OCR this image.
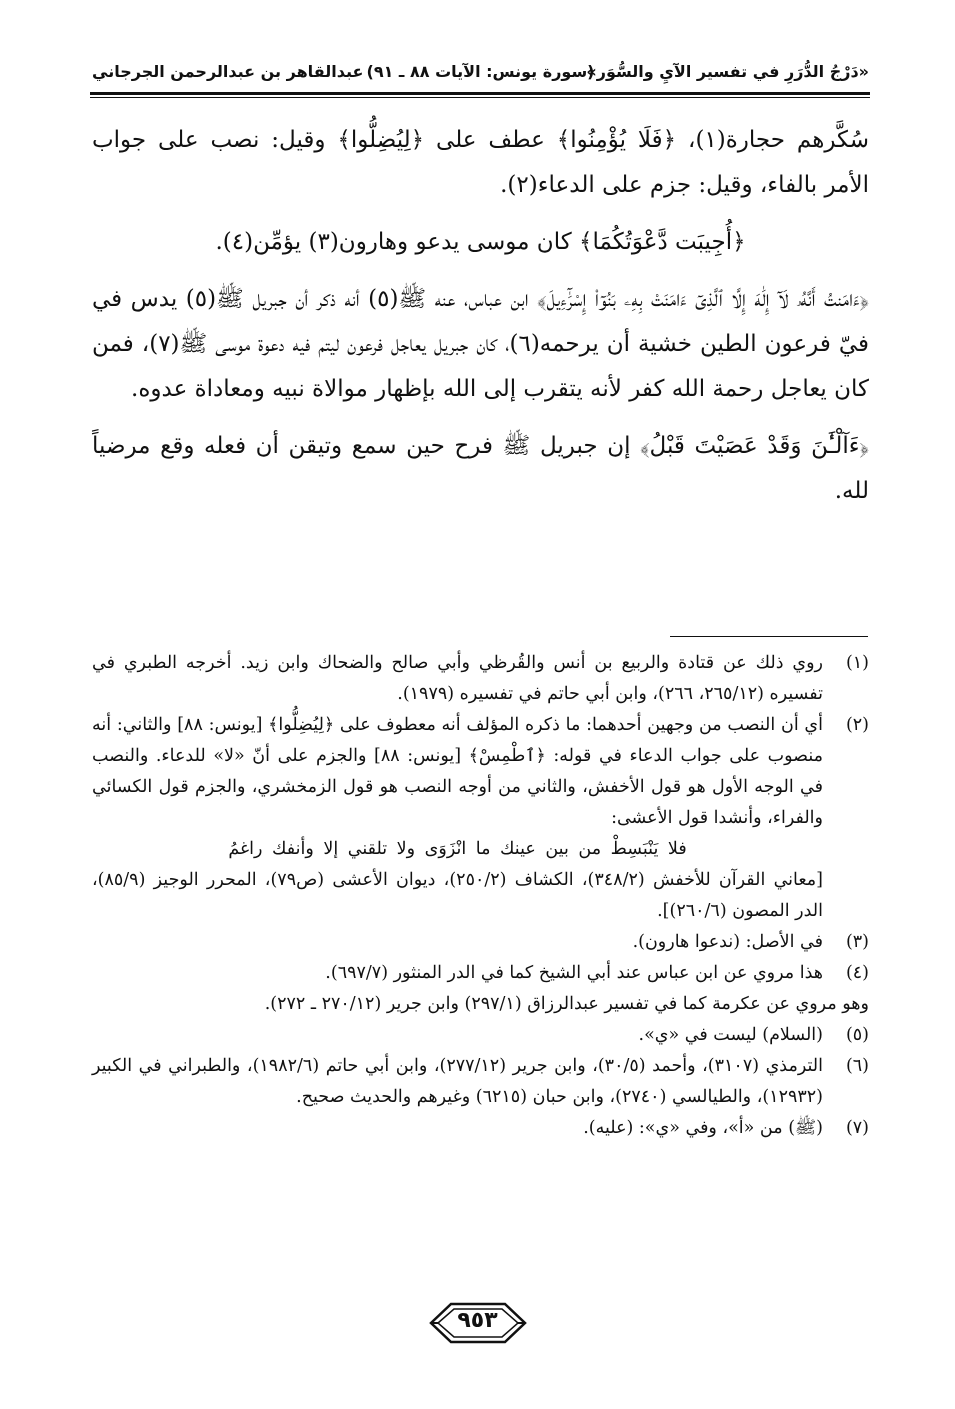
«دَرْجُ الدُّرَرِ في تفسير الآيِ والسُّوَر»
(سورة يونس: الآيات ٨٨ ـ ٩١)
عبدالقاهر بن عبدالرحمن الجرجاني

سُكَّرهم حجارة(١)، ﴿فَلَا يُؤْمِنُوا﴾ عطف على ﴿لِيُضِلُّوا﴾ وقيل: نصب على جواب الأمر بالفاء، وقيل: جزم على الدعاء(٢).

﴿أُجِيبَت دَّعْوَتُكُمَا﴾ كان موسى يدعو وهارون(٣) يؤمِّن(٤).

﴿ءَامَنتُ أَنَّهُۥ لَآ إِلَٰهَ إِلَّا ٱلَّذِىٓ ءَامَنَتْ بِهِۦ بَنُوٓاْ إِسْرَٰٓءِيلَ﴾ ابن عباس، عنه ﷺ(٥) أنه ذكر أن جبريل ﷺ(٥) يدس في فيّ فرعون الطين خشية أن يرحمه(٦)، كان جبريل يعاجل فرعون ليتم فيه دعوة موسى ﷺ(٧)، فمن كان يعاجل رحمة الله كفر لأنه يتقرب إلى الله بإظهار موالاة نبيه ومعاداة عدوه.

﴿ءَآلْـَٰٔنَ وَقَدْ عَصَيْتَ قَبْلُ﴾ إن جبريل ﷺ فرح حين سمع وتيقن أن فعله وقع مرضياً لله.

(١)
روي ذلك عن قتادة والربيع بن أنس والقُرظي وأبي صالح والضحاك وابن زيد. أخرجه الطبري في تفسيره (٢٦٥/١٢، ٢٦٦)، وابن أبي حاتم في تفسيره (١٩٧٩).
(٢)
أي أن النصب من وجهين أحدهما: ما ذكره المؤلف أنه معطوف على ﴿لِيُضِلُّوا﴾ [يونس: ٨٨] والثاني: أنه منصوب على جواب الدعاء في قوله: ﴿ٱطْمِسْ﴾ [يونس: ٨٨] والجزم على أنّ «لا» للدعاء. والنصب في الوجه الأول هو قول الأخفش، والثاني من أوجه النصب هو قول الزمخشري، والجزم قول الكسائي والفراء، وأنشدا قول الأعشى:
فلا يَنْبَسِطْ من بين عينك ما انْزَوَى ولا تلقني إلا وأنفك راغمُ
[معاني القرآن للأخفش (٣٤٨/٢)، الكشاف (٢٥٠/٢)، ديوان الأعشى (ص٧٩)، المحرر الوجيز (٨٥/٩)، الدر المصون (٢٦٠/٦)].
(٣)
في الأصل: (ندعوا هارون).
(٤)
هذا مروي عن ابن عباس عند أبي الشيخ كما في الدر المنثور (٦٩٧/٧).
وهو مروي عن عكرمة كما في تفسير عبدالرزاق (٢٩٧/١) وابن جرير (٢٧٠/١٢ ـ ٢٧٢).
(٥)
(السلام) ليست في «ي».
(٦)
الترمذي (٣١٠٧)، وأحمد (٣٠/٥)، وابن جرير (٢٧٧/١٢)، وابن أبي حاتم (١٩٨٢/٦)، والطبراني في الكبير (١٢٩٣٢)، والطيالسي (٢٧٤٠)، وابن حبان (٦٢١٥) وغيرهم والحديث صحيح.
(٧)
(ﷺ) من «أ»، وفي «ي»: (عليه).
٩٥٣
